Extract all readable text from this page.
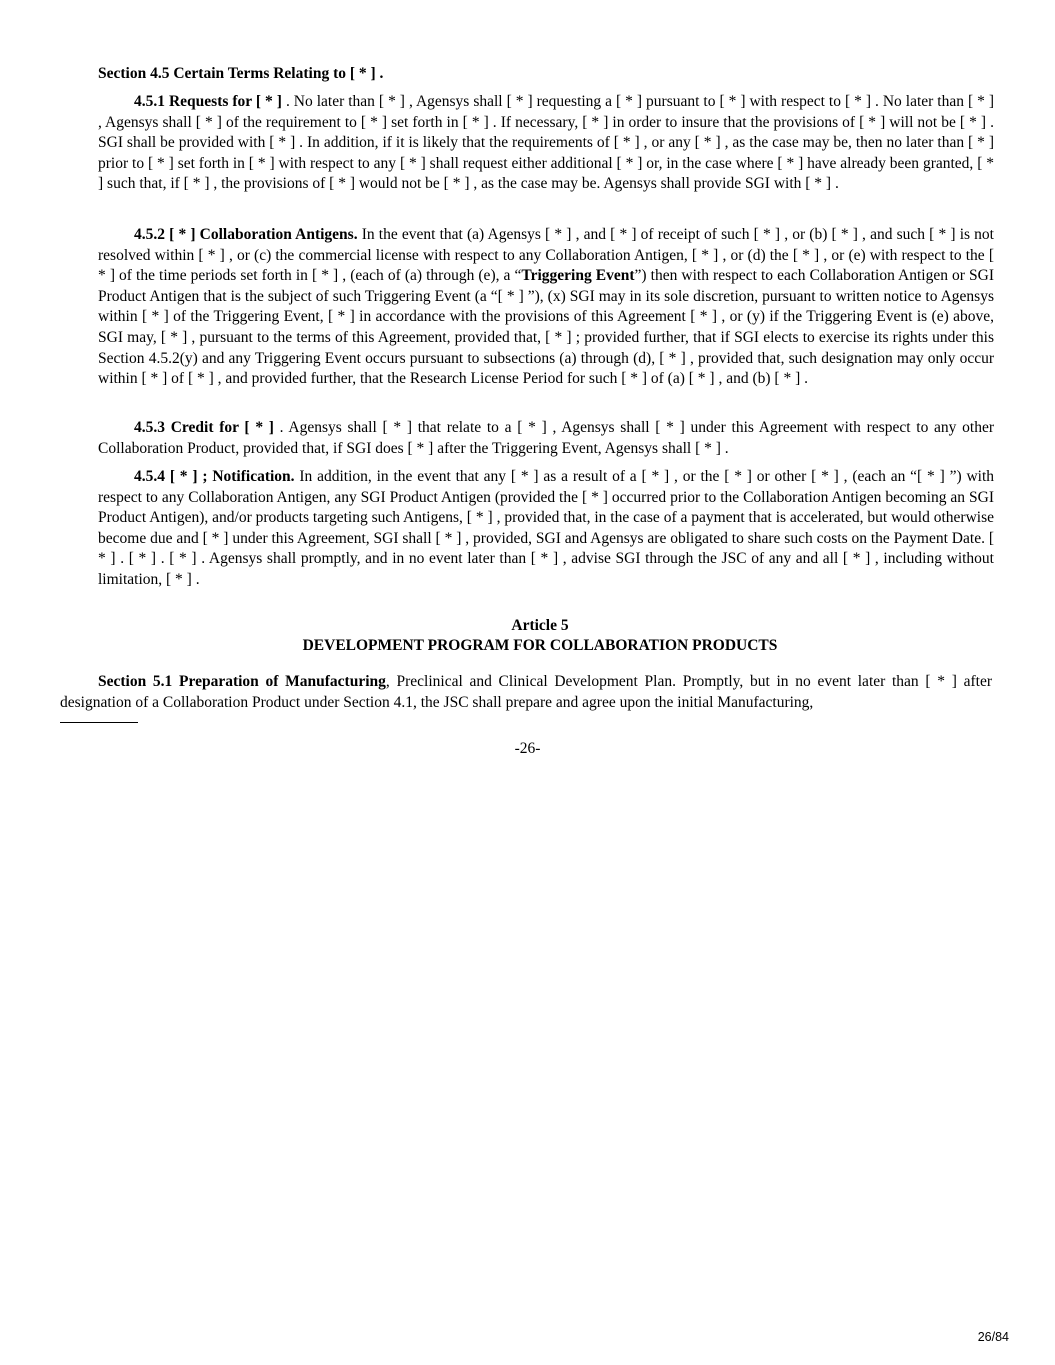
Section 4.5 Certain Terms Relating to [ * ] .

4.5.1 Requests for [ * ] . No later than [ * ] , Agensys shall [ * ] requesting a [ * ] pursuant to [ * ] with respect to [ * ] . No later than [ * ] , Agensys shall [ * ] of the requirement to [ * ] set forth in [ * ] . If necessary, [ * ] in order to insure that the provisions of [ * ] will not be [ * ] . SGI shall be provided with [ * ] . In addition, if it is likely that the requirements of [ * ] , or any [ * ] , as the case may be, then no later than [ * ] prior to [ * ] set forth in [ * ] with respect to any [ * ] shall request either additional [ * ] or, in the case where [ * ] have already been granted, [ * ] such that, if [ * ] , the provisions of [ * ] would not be [ * ] , as the case may be. Agensys shall provide SGI with [ * ] .

4.5.2 [ * ] Collaboration Antigens. In the event that (a) Agensys [ * ] , and [ * ] of receipt of such [ * ] , or (b) [ * ] , and such [ * ] is not resolved within [ * ] , or (c) the commercial license with respect to any Collaboration Antigen, [ * ] , or (d) the [ * ] , or (e) with respect to the [ * ] of the time periods set forth in [ * ] , (each of (a) through (e), a “Triggering Event”) then with respect to each Collaboration Antigen or SGI Product Antigen that is the subject of such Triggering Event (a “[ * ] ”), (x) SGI may in its sole discretion, pursuant to written notice to Agensys within [ * ] of the Triggering Event, [ * ] in accordance with the provisions of this Agreement [ * ] , or (y) if the Triggering Event is (e) above, SGI may, [ * ] , pursuant to the terms of this Agreement, provided that, [ * ] ; provided further, that if SGI elects to exercise its rights under this Section 4.5.2(y) and any Triggering Event occurs pursuant to subsections (a) through (d), [ * ] , provided that, such designation may only occur within [ * ] of [ * ] , and provided further, that the Research License Period for such [ * ] of (a) [ * ] , and (b) [ * ] .

4.5.3 Credit for [ * ] . Agensys shall [ * ] that relate to a [ * ] , Agensys shall [ * ] under this Agreement with respect to any other Collaboration Product, provided that, if SGI does [ * ] after the Triggering Event, Agensys shall [ * ] .

4.5.4 [ * ] ; Notification. In addition, in the event that any [ * ] as a result of a [ * ] , or the [ * ] or other [ * ] , (each an “[ * ] ”) with respect to any Collaboration Antigen, any SGI Product Antigen (provided the [ * ] occurred prior to the Collaboration Antigen becoming an SGI Product Antigen), and/or products targeting such Antigens, [ * ] , provided that, in the case of a payment that is accelerated, but would otherwise become due and [ * ] under this Agreement, SGI shall [ * ] , provided, SGI and Agensys are obligated to share such costs on the Payment Date. [ * ] . [ * ] . [ * ] . Agensys shall promptly, and in no event later than [ * ] , advise SGI through the JSC of any and all [ * ] , including without limitation, [ * ] .

Article 5

DEVELOPMENT PROGRAM FOR COLLABORATION PRODUCTS

Section 5.1 Preparation of Manufacturing, Preclinical and Clinical Development Plan. Promptly, but in no event later than [ * ] after designation of a Collaboration Product under Section 4.1, the JSC shall prepare and agree upon the initial Manufacturing,

-26-
26/84
